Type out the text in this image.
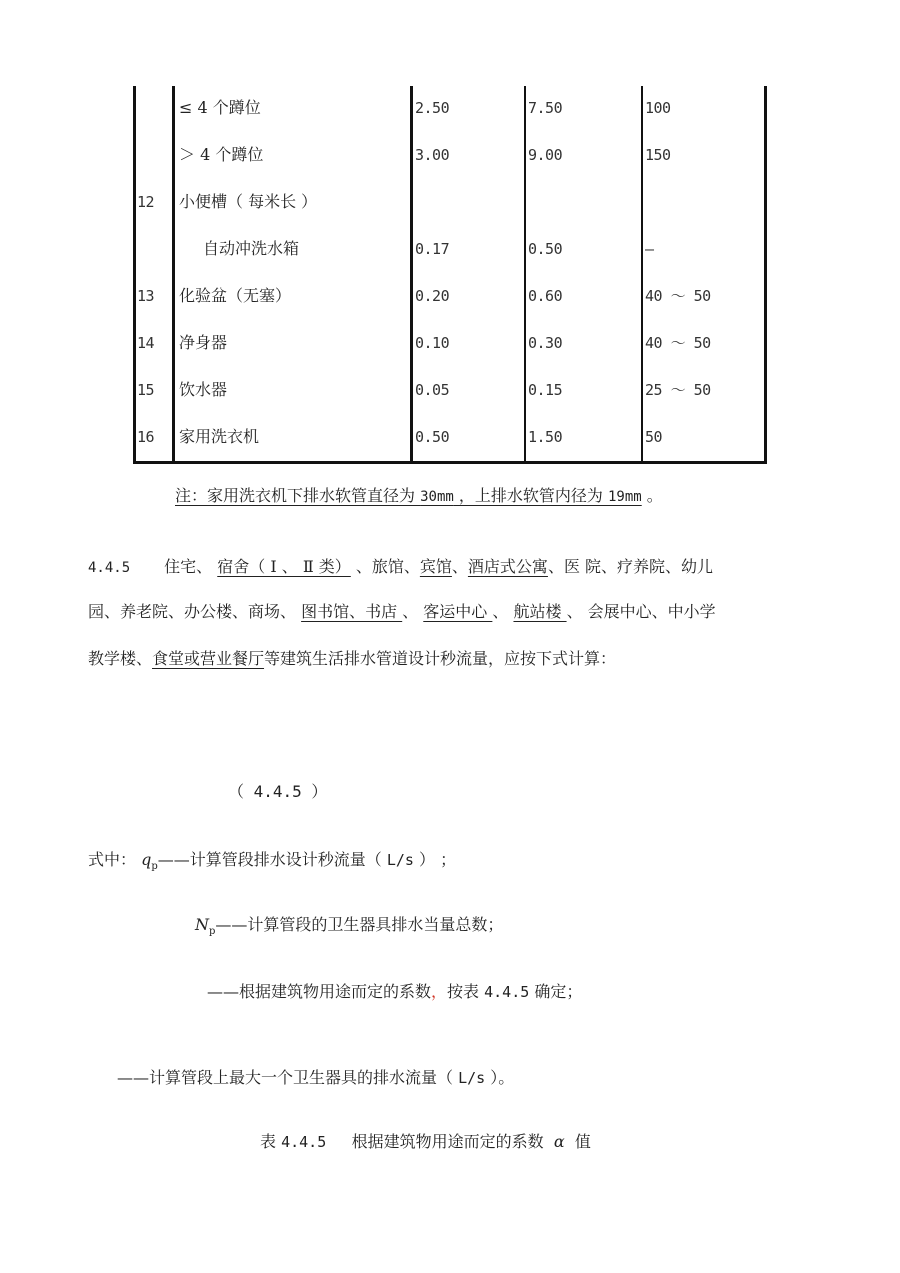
≤ 4 个蹲位	2.50	7.50	100
＞ 4 个蹲位	3.00	9.00	150
12 小便槽（ 每米长 ）
自动冲洗水箱	0.17	0.50	—
13 化验盆（无塞）	0.20	0.60	40 ～ 50
14 净身器	0.10	0.30	40 ～ 50
15 饮水器	0.05	0.15	25 ～ 50
16 家用洗衣机	0.50	1.50	50
注：家用洗衣机下排水软管直径为 30mm ，上排水软管内径为 19mm 。
4.4.5 住宅、 宿舍（ Ⅰ 、 Ⅱ 类） 、旅馆、宾馆、酒店式公寓、医 院、疗养院、幼儿
园、养老院、办公楼、商场、 图书馆、书店 、 客运中心 、 航站楼 、 会展中心、中小学
教学楼、食堂或营业餐厅等建筑生活排水管道设计秒流量，应按下式计算：
（ 4.4.5 ）
式中： $q_p——$计算管段排水设计秒流量（ L/s ） ；
$N_p——$计算管段的卫生器具排水当量总数；
——根据建筑物用途而定的系数，按表 4.4.5 确定；
——计算管段上最大一个卫生器具的排水流量（ L/s ）。
表 4.4.5     根据建筑物用途而定的系数  α  值
